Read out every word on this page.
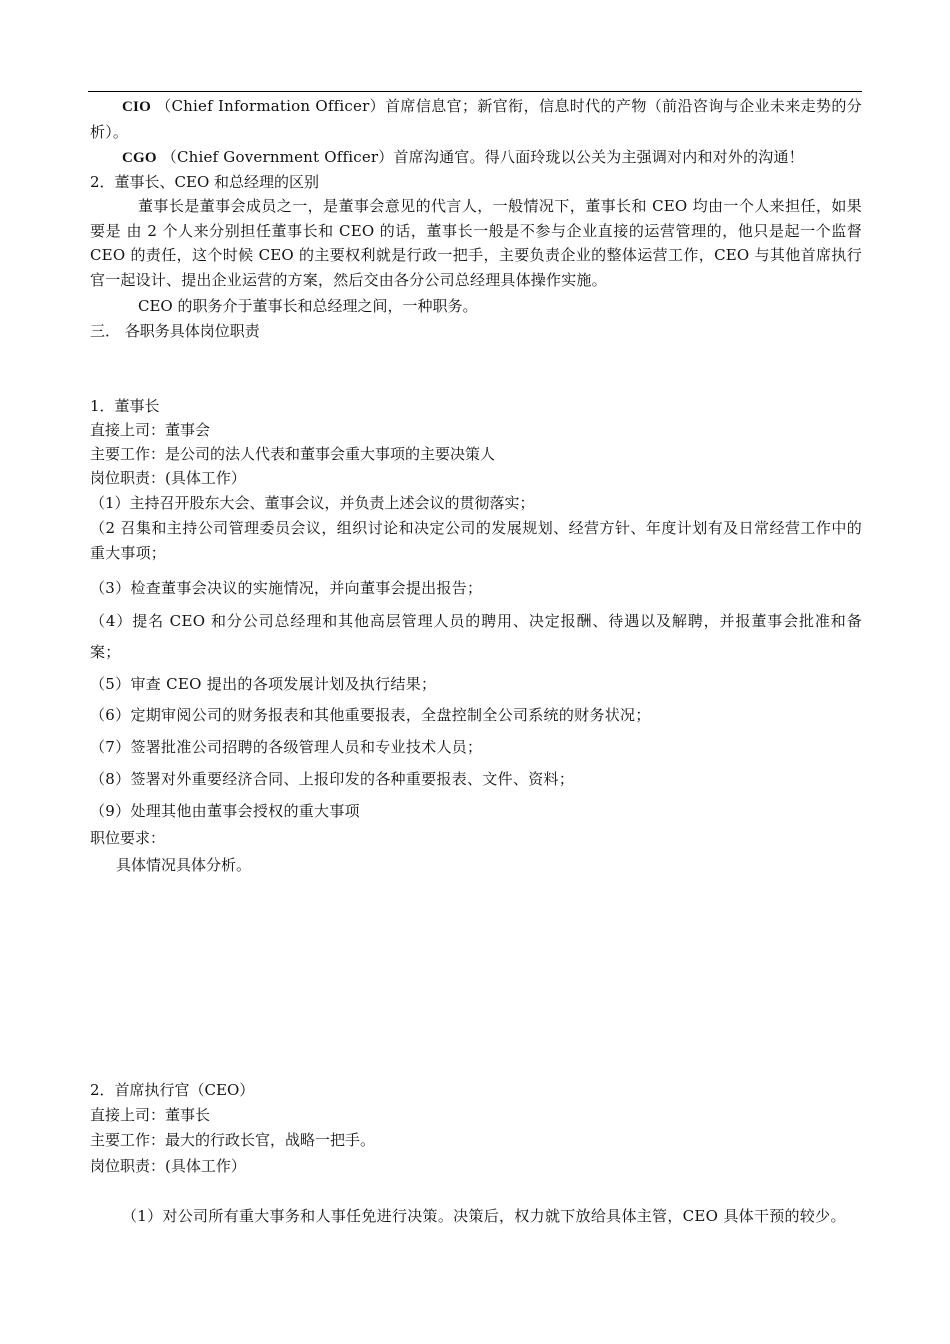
CIO （Chief Information Officer）首席信息官；新官衔，信息时代的产物（前沿咨询与企业未来走势的分析）。
CGO （Chief Government Officer）首席沟通官。得八面玲珑以公关为主强调对内和对外的沟通！
2．董事长、CEO 和总经理的区别
董事长是董事会成员之一，是董事会意见的代言人，一般情况下，董事长和 CEO 均由一个人来担任，如果要是 由 2 个人来分别担任董事长和 CEO 的话，董事长一般是不参与企业直接的运营管理的，他只是起一个监督 CEO 的责任，这个时候 CEO 的主要权利就是行政一把手，主要负责企业的整体运营工作，CEO 与其他首席执行官一起设计、提出企业运营的方案，然后交由各分公司总经理具体操作实施。
CEO 的职务介于董事长和总经理之间，一种职务。
三． 各职务具体岗位职责
1．董事长
直接上司：董事会
主要工作：是公司的法人代表和董事会重大事项的主要决策人
岗位职责：(具体工作）
（1）主持召开股东大会、董事会议，并负责上述会议的贯彻落实；
（2 召集和主持公司管理委员会议，组织讨论和决定公司的发展规划、经营方针、年度计划有及日常经营工作中的重大事项；
（3）检查董事会决议的实施情况，并向董事会提出报告；
（4）提名 CEO 和分公司总经理和其他高层管理人员的聘用、决定报酬、待遇以及解聘，并报董事会批准和备案；
（5）审查 CEO 提出的各项发展计划及执行结果；
（6）定期审阅公司的财务报表和其他重要报表，全盘控制全公司系统的财务状况；
（7）签署批准公司招聘的各级管理人员和专业技术人员；
（8）签署对外重要经济合同、上报印发的各种重要报表、文件、资料；
（9）处理其他由董事会授权的重大事项
职位要求：
具体情况具体分析。
2．首席执行官（CEO）
直接上司：董事长
主要工作：最大的行政长官，战略一把手。
岗位职责：(具体工作）
（1）对公司所有重大事务和人事任免进行决策。决策后，权力就下放给具体主管，CEO 具体干预的较少。
